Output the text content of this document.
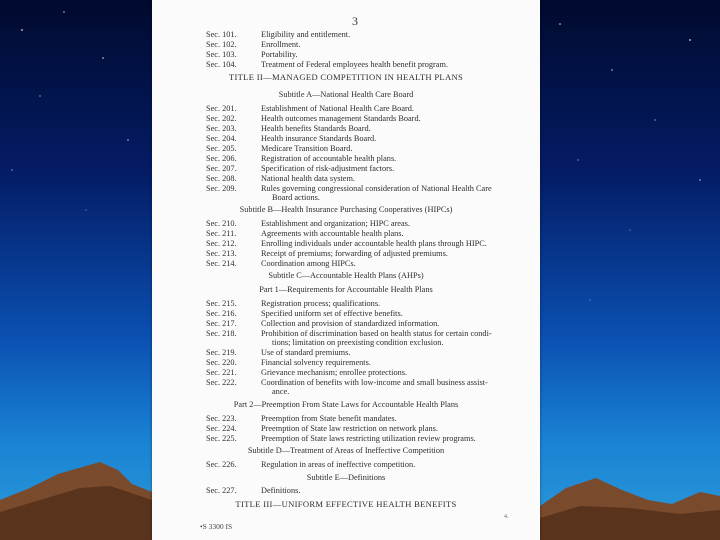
3
Sec. 101.	Eligibility and entitlement.
Sec. 102.	Enrollment.
Sec. 103.	Portability.
Sec. 104.	Treatment of Federal employees health benefit program.
TITLE II—MANAGED COMPETITION IN HEALTH PLANS
Subtitle A—National Health Care Board
Sec. 201.	Establishment of National Health Care Board.
Sec. 202.	Health outcomes management Standards Board.
Sec. 203.	Health benefits Standards Board.
Sec. 204.	Health insurance Standards Board.
Sec. 205.	Medicare Transition Board.
Sec. 206.	Registration of accountable health plans.
Sec. 207.	Specification of risk-adjustment factors.
Sec. 208.	National health data system.
Sec. 209.	Rules governing congressional consideration of National Health Care
Board actions.
Subtitle B—Health Insurance Purchasing Cooperatives (HIPCs)
Sec. 210.	Establishment and organization; HIPC areas.
Sec. 211.	Agreements with accountable health plans.
Sec. 212.	Enrolling individuals under accountable health plans through HIPC.
Sec. 213.	Receipt of premiums; forwarding of adjusted premiums.
Sec. 214.	Coordination among HIPCs.
Subtitle C—Accountable Health Plans (AHPs)
Part 1—Requirements for Accountable Health Plans
Sec. 215.	Registration process; qualifications.
Sec. 216.	Specified uniform set of effective benefits.
Sec. 217.	Collection and provision of standardized information.
Sec. 218.	Prohibition of discrimination based on health status for certain condi-
tions; limitation on preexisting condition exclusion.
Sec. 219.	Use of standard premiums.
Sec. 220.	Financial solvency requirements.
Sec. 221.	Grievance mechanism; enrollee protections.
Sec. 222.	Coordination of benefits with low-income and small business assist-
ance.
Part 2—Preemption From State Laws for Accountable Health Plans
Sec. 223.	Preemption from State benefit mandates.
Sec. 224.	Preemption of State law restriction on network plans.
Sec. 225.	Preemption of State laws restricting utilization review programs.
Subtitle D—Treatment of Areas of Ineffective Competition
Sec. 226.	Regulation in areas of ineffective competition.
Subtitle E—Definitions
Sec. 227.	Definitions.
TITLE III—UNIFORM EFFECTIVE HEALTH BENEFITS
•S 3300 IS
4.
